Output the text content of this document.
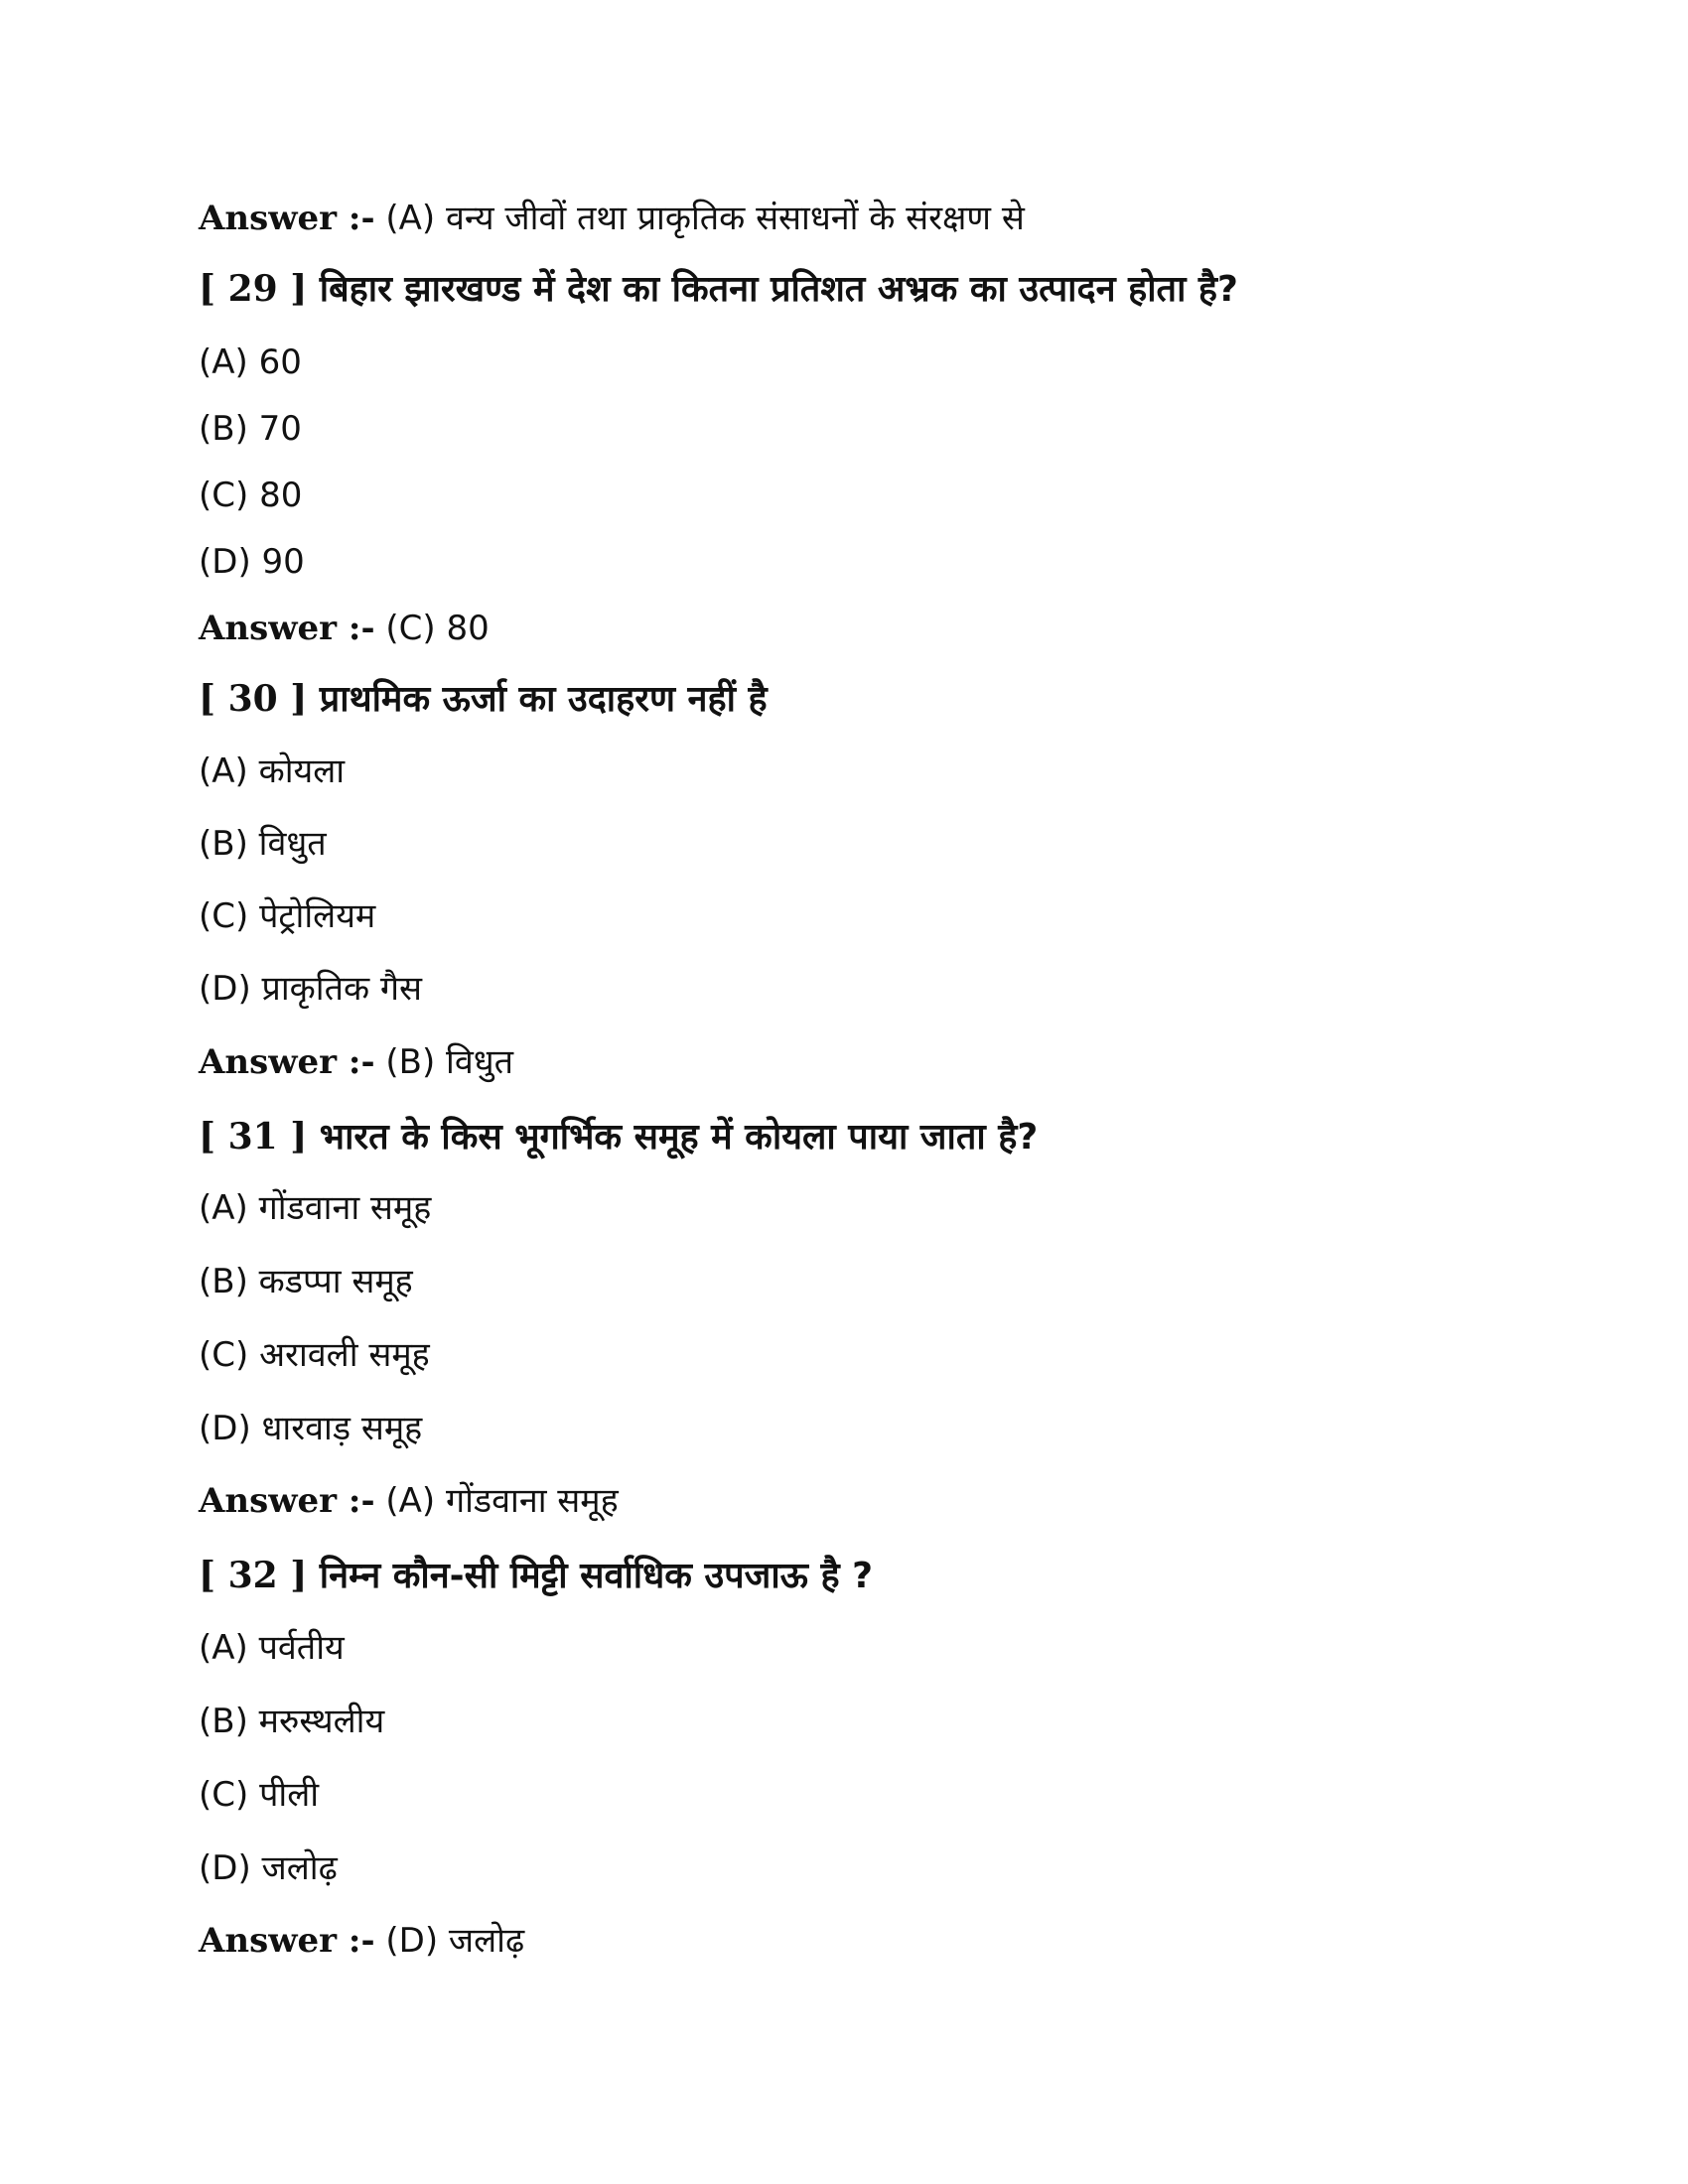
Answer :- (A) वन्य जीवों तथा प्राकृतिक संसाधनों के संरक्षण से
[ 29 ] बिहार झारखण्ड में देश का कितना प्रतिशत अभ्रक का उत्पादन होता है?
(A) 60
(B) 70
(C) 80
(D) 90
Answer :- (C) 80
[ 30 ] प्राथमिक ऊर्जा का उदाहरण नहीं है
(A) कोयला
(B) विधुत
(C) पेट्रोलियम
(D) प्राकृतिक गैस
Answer :- (B) विधुत
[ 31 ] भारत के किस भूगर्भिक समूह में कोयला पाया जाता है?
(A) गोंडवाना समूह
(B) कडप्पा समूह
(C) अरावली समूह
(D) धारवाड़ समूह
Answer :- (A) गोंडवाना समूह
[ 32 ] निम्न कौन-सी मिट्टी सर्वाधिक उपजाऊ है ?
(A) पर्वतीय
(B) मरुस्थलीय
(C) पीली
(D) जलोढ़
Answer :- (D) जलोढ़
